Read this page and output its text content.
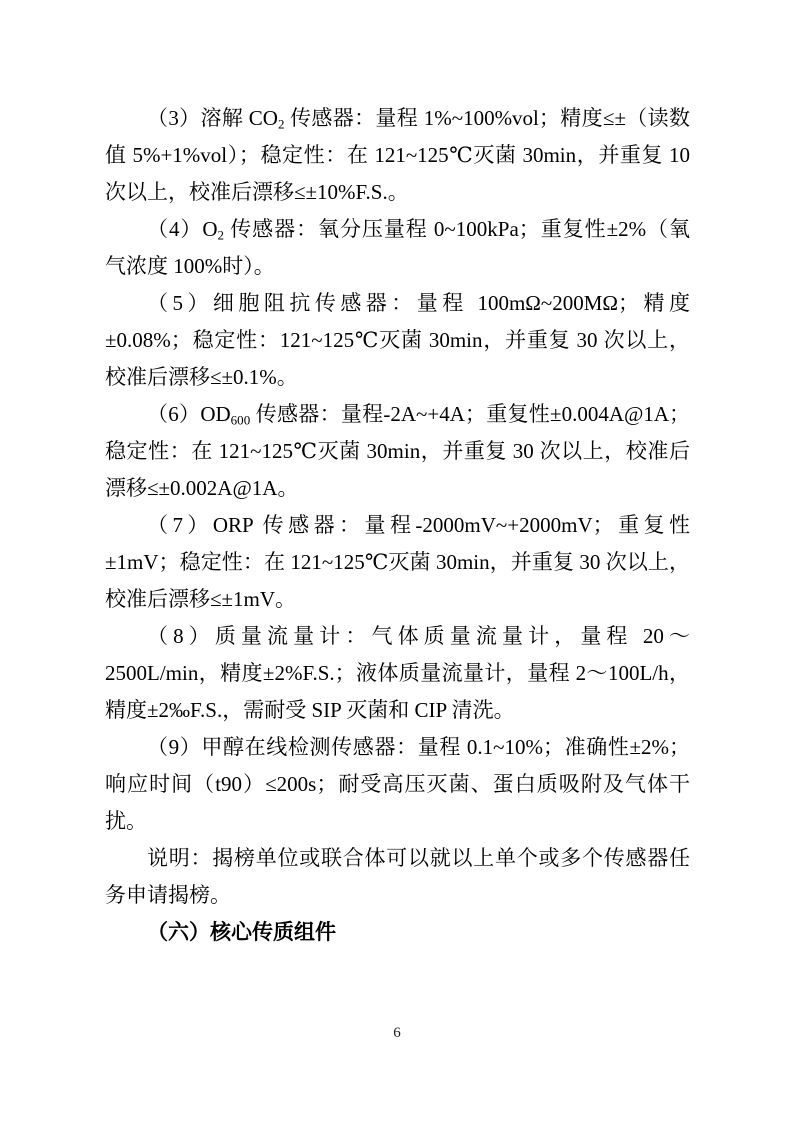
（3）溶解 $CO_2$ 传感器：量程 1%~100%vol；精度≤±（读数值 5%+1%vol）；稳定性：在 121~125℃灭菌 30min，并重复 10 次以上，校准后漂移≤±10%F.S.。

$(4)O_2$ 传感器：氧分压量程 0~100kPa；重复性±2%（氧气浓度 100%时）。

（5）细胞阻抗传感器：量程 100mΩ~200MΩ；精度±0.08%；稳定性：121~125℃灭菌 30min，并重复 30 次以上，校准后漂移≤±0.1%。

$(6)OD_{600}$ 传感器：量程-2A~+4A；重复性±0.004A@1A；稳定性：在 121~125℃灭菌 30min，并重复 30 次以上，校准后漂移≤±0.002A@1A。

（7）ORP 传感器：量程-2000mV~+2000mV；重复性±1mV；稳定性：在 121~125℃灭菌 30min，并重复 30 次以上，校准后漂移≤±1mV。

（8）质量流量计：气体质量流量计，量程 20～2500L/min，精度±2%F.S.；液体质量流量计，量程 2～100L/h，精度±2‰F.S.，需耐受 SIP 灭菌和 CIP 清洗。

（9）甲醇在线检测传感器：量程 0.1~10%；准确性±2%；响应时间（t90）≤200s；耐受高压灭菌、蛋白质吸附及气体干扰。

说明：揭榜单位或联合体可以就以上单个或多个传感器任务申请揭榜。

（六）核心传质组件

6
